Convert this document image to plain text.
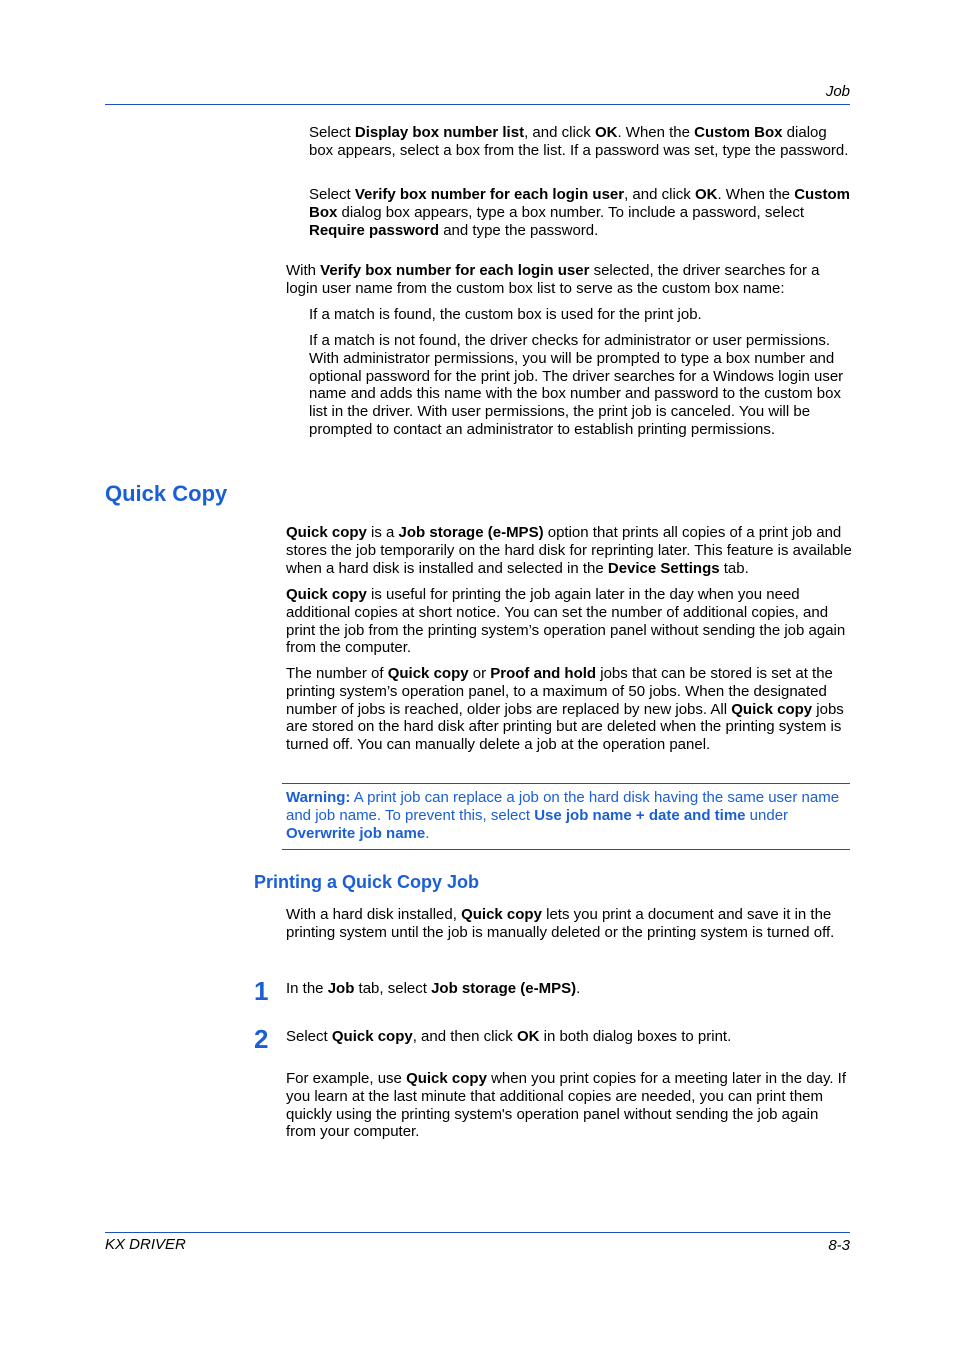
Job

Select Display box number list, and click OK. When the Custom Box dialog box appears, select a box from the list. If a password was set, type the password.

Select Verify box number for each login user, and click OK. When the Custom Box dialog box appears, type a box number. To include a password, select Require password and type the password.

With Verify box number for each login user selected, the driver searches for a login user name from the custom box list to serve as the custom box name:

If a match is found, the custom box is used for the print job.

If a match is not found, the driver checks for administrator or user permissions. With administrator permissions, you will be prompted to type a box number and optional password for the print job. The driver searches for a Windows login user name and adds this name with the box number and password to the custom box list in the driver. With user permissions, the print job is canceled. You will be prompted to contact an administrator to establish printing permissions.

Quick Copy

Quick copy is a Job storage (e-MPS) option that prints all copies of a print job and stores the job temporarily on the hard disk for reprinting later. This feature is available when a hard disk is installed and selected in the Device Settings tab.

Quick copy is useful for printing the job again later in the day when you need additional copies at short notice. You can set the number of additional copies, and print the job from the printing system’s operation panel without sending the job again from the computer.

The number of Quick copy or Proof and hold jobs that can be stored is set at the printing system’s operation panel, to a maximum of 50 jobs. When the designated number of jobs is reached, older jobs are replaced by new jobs. All Quick copy jobs are stored on the hard disk after printing but are deleted when the printing system is turned off. You can manually delete a job at the operation panel.

Warning: A print job can replace a job on the hard disk having the same user name and job name. To prevent this, select Use job name + date and time under Overwrite job name.

Printing a Quick Copy Job

With a hard disk installed, Quick copy lets you print a document and save it in the printing system until the job is manually deleted or the printing system is turned off.

1 In the Job tab, select Job storage (e-MPS).

2 Select Quick copy, and then click OK in both dialog boxes to print.

For example, use Quick copy when you print copies for a meeting later in the day. If you learn at the last minute that additional copies are needed, you can print them quickly using the printing system's operation panel without sending the job again from your computer.

KX DRIVER	8-3
